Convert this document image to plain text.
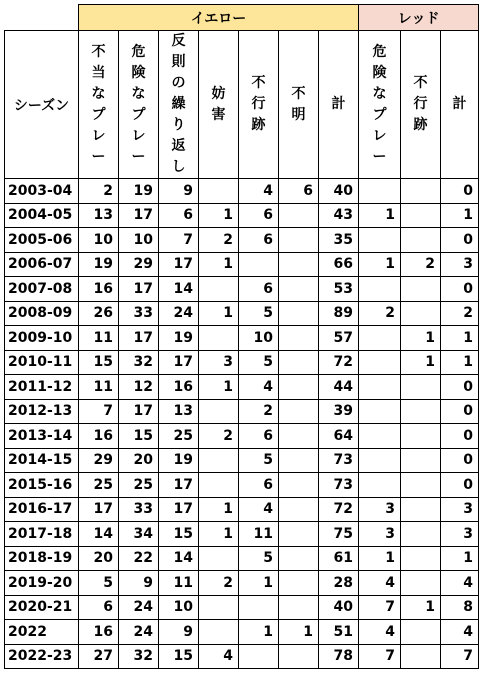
	イエロー							レッド		
シーズン	不当なプレー	危険なプレー	反則の繰り返し	妨害	不行跡	不明	計	危険なプレー	不行跡	計
2003-04	2	19	9		4	6	40			0
2004-05	13	17	6	1	6		43	1		1
2005-06	10	10	7	2	6		35			0
2006-07	19	29	17	1			66	1	2	3
2007-08	16	17	14		6		53			0
2008-09	26	33	24	1	5		89	2		2
2009-10	11	17	19		10		57		1	1
2010-11	15	32	17	3	5		72		1	1
2011-12	11	12	16	1	4		44			0
2012-13	7	17	13		2		39			0
2013-14	16	15	25	2	6		64			0
2014-15	29	20	19		5		73			0
2015-16	25	25	17		6		73			0
2016-17	17	33	17	1	4		72	3		3
2017-18	14	34	15	1	11		75	3		3
2018-19	20	22	14		5		61	1		1
2019-20	5	9	11	2	1		28	4		4
2020-21	6	24	10				40	7	1	8
2022	16	24	9		1	1	51	4		4
2022-23	27	32	15	4			78	7		7
